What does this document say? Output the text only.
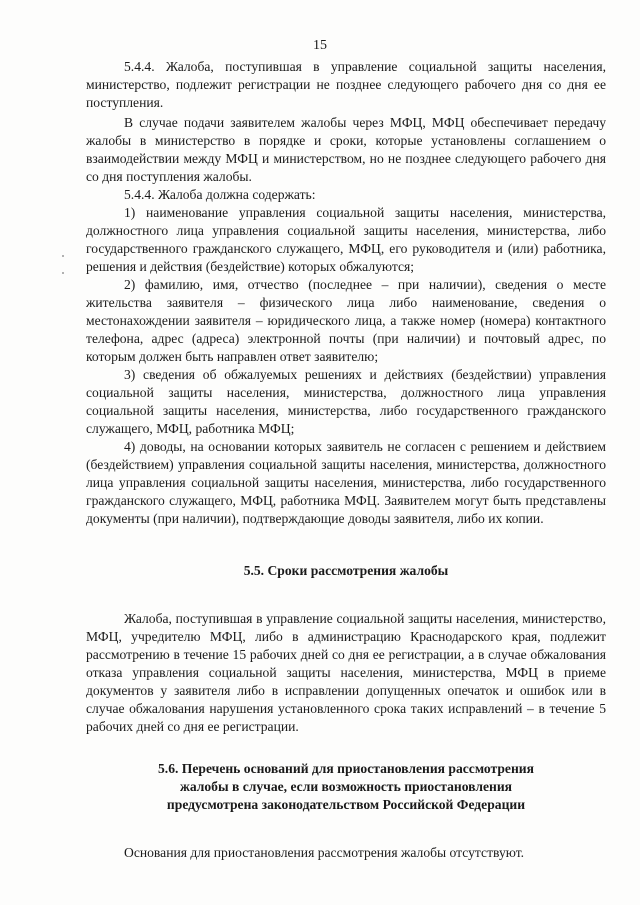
15

5.4.4. Жалоба, поступившая в управление социальной защиты населения, министерство, подлежит регистрации не позднее следующего рабочего дня со дня ее поступления.

В случае подачи заявителем жалобы через МФЦ, МФЦ обеспечивает передачу жалобы в министерство в порядке и сроки, которые установлены соглашением о взаимодействии между МФЦ и министерством, но не позднее следующего рабочего дня со дня поступления жалобы.

5.4.4. Жалоба должна содержать:

1) наименование управления социальной защиты населения, министерства, должностного лица управления социальной защиты населения, министерства, либо государственного гражданского служащего, МФЦ, его руководителя и (или) работника, решения и действия (бездействие) которых обжалуются;

2) фамилию, имя, отчество (последнее – при наличии), сведения о месте жительства заявителя – физического лица либо наименование, сведения о местонахождении заявителя – юридического лица, а также номер (номера) контактного телефона, адрес (адреса) электронной почты (при наличии) и почтовый адрес, по которым должен быть направлен ответ заявителю;

3) сведения об обжалуемых решениях и действиях (бездействии) управления социальной защиты населения, министерства, должностного лица управления социальной защиты населения, министерства, либо государственного гражданского служащего, МФЦ, работника МФЦ;

4) доводы, на основании которых заявитель не согласен с решением и действием (бездействием) управления социальной защиты населения, министерства, должностного лица управления социальной защиты населения, министерства, либо государственного гражданского служащего, МФЦ, работника МФЦ. Заявителем могут быть представлены документы (при наличии), подтверждающие доводы заявителя, либо их копии.

5.5. Сроки рассмотрения жалобы

Жалоба, поступившая в управление социальной защиты населения, министерство, МФЦ, учредителю МФЦ, либо в администрацию Краснодарского края, подлежит рассмотрению в течение 15 рабочих дней со дня ее регистрации, а в случае обжалования отказа управления социальной защиты населения, министерства, МФЦ в приеме документов у заявителя либо в исправлении допущенных опечаток и ошибок или в случае обжалования нарушения установленного срока таких исправлений – в течение 5 рабочих дней со дня ее регистрации.

5.6. Перечень оснований для приостановления рассмотрения
жалобы в случае, если возможность приостановления
предусмотрена законодательством Российской Федерации

Основания для приостановления рассмотрения жалобы отсутствуют.
